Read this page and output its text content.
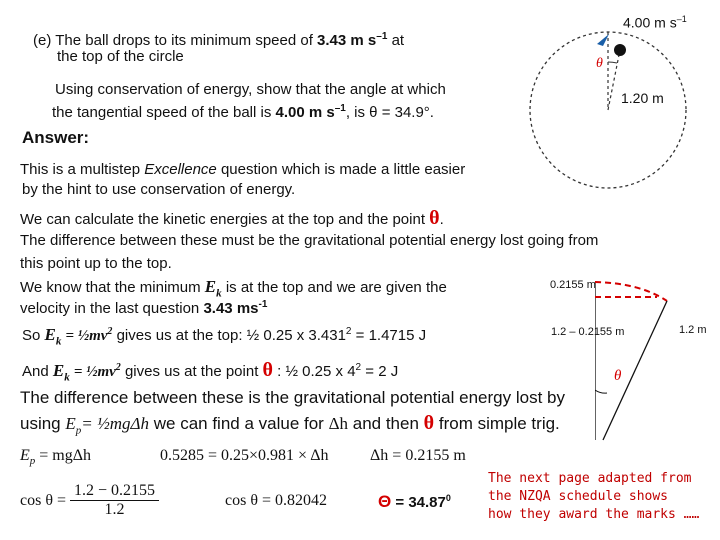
(e) The ball drops to its minimum speed of 3.43 m $s^{-1}$ at
the top of the circle
Using conservation of energy, show that the angle at which
the tangential speed of the ball is 4.00 m $s^{-1}$, is θ = 34.9°.
4.00 m $s^{-1}$
θ
1.20 m
Answer:
This is a multistep Excellence question which is made a little easier
by the hint to use conservation of energy.
We can calculate the kinetic energies at the top and the point θ.
The difference between these must be the gravitational potential energy lost going from
this point up to the top.
We know that the minimum $E_k$ is at the top and we are given the
velocity in the last question 3.43 $ms^{-1}$
So $E_k$ = $\frac{1}{2}mv^2$ gives us at the top: ½ 0.25 x $3.431^2 = 1.4715$ J
And $E_k$ = $\frac{1}{2}mv^2$ gives us at the point θ : ½ 0.25 x $4^2 = 2$ J
The difference between these is the gravitational potential energy lost by
using $E_p=$ ½mgΔh we can find a value for Δh and then θ from simple trig.
0.2155 m
1.2 – 0.2155 m	1.2 m
θ
$E_p = mg\Delta h$	0.5285 = 0.25×0.981 × Δh	Δh = 0.2155 m
$\cos \theta = \frac{1.2 - 0.2155}{1.2}$	cos θ = 0.82042	$\Theta = 34.87^0$
The next page adapted from
the NZQA schedule shows
how they award the marks ……
